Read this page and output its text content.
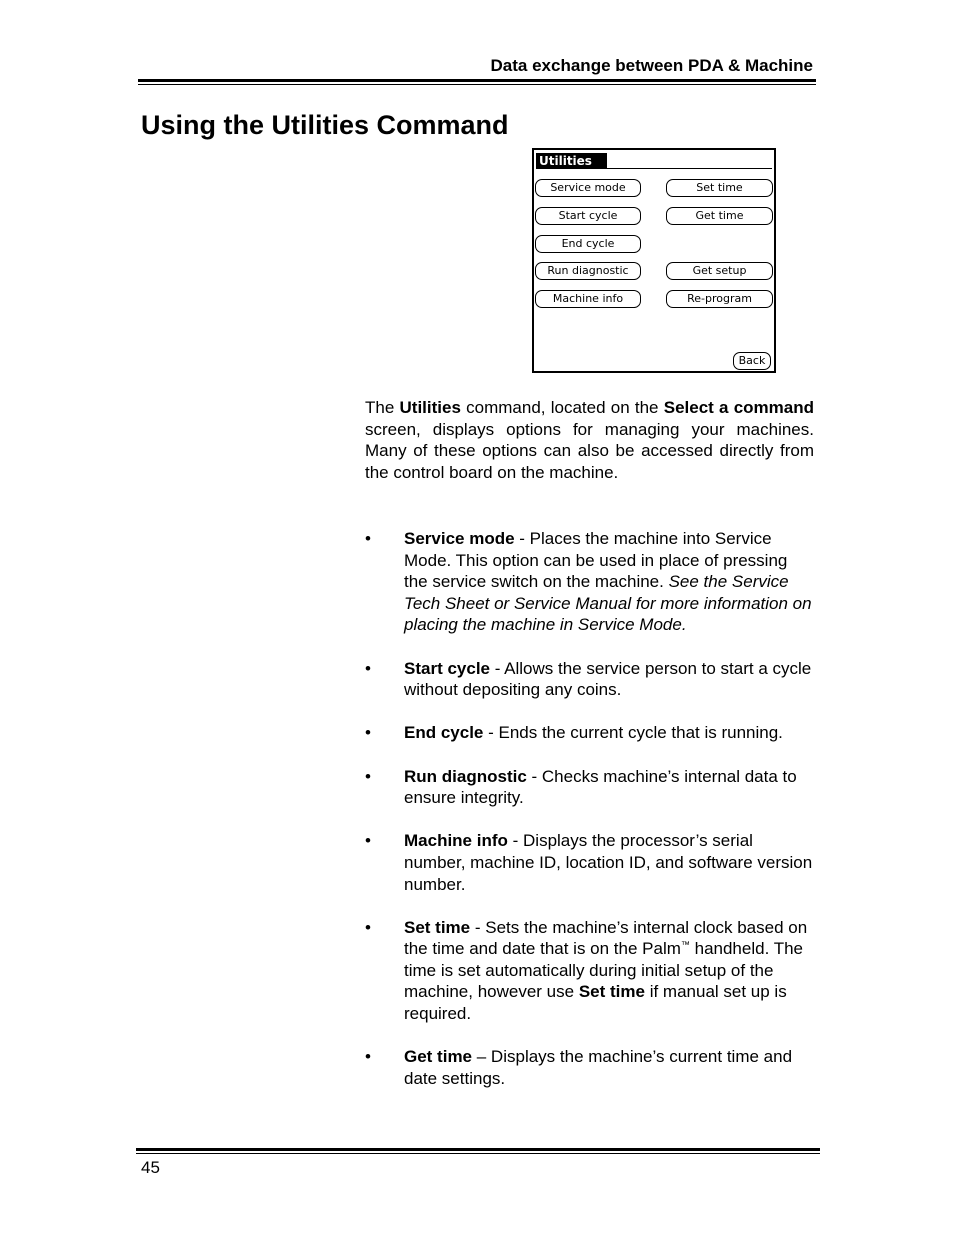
Data exchange between PDA & Machine
Using the Utilities Command
Utilities
Service mode
Start cycle
End cycle
Run diagnostic
Machine info
Set time
Get time
Get setup
Re-program
Back

The Utilities command, located on the Select a command screen, displays options for managing your machines. Many of these options can also be accessed directly from the control board on the machine.

• Service mode - Places the machine into Service Mode. This option can be used in place of pressing the service switch on the machine. See the Service Tech Sheet or Service Manual for more information on placing the machine in Service Mode.
• Start cycle - Allows the service person to start a cycle without depositing any coins.
• End cycle - Ends the current cycle that is running.
• Run diagnostic - Checks machine’s internal data to ensure integrity.
• Machine info - Displays the processor’s serial number, machine ID, location ID, and software version number.
• Set time - Sets the machine’s internal clock based on the time and date that is on the Palm™ handheld. The time is set automatically during initial setup of the machine, however use Set time if manual set up is required.
• Get time – Displays the machine’s current time and date settings.
45
